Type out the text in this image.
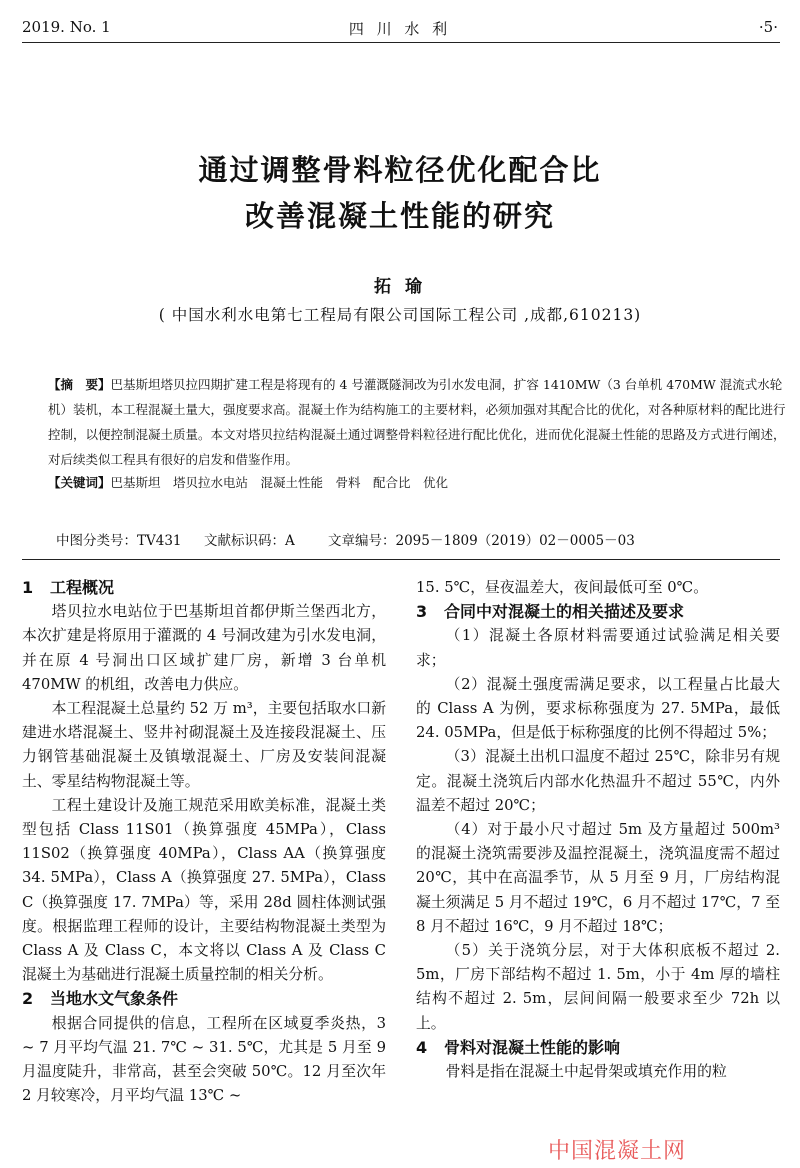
2019. No. 1	四 川 水 利	·5·
通过调整骨料粒径优化配合比
改善混凝土性能的研究
拓 瑜
( 中国水利水电第七工程局有限公司国际工程公司 ,成都,610213)
【摘　要】巴基斯坦塔贝拉四期扩建工程是将现有的 4 号灌溉隧洞改为引水发电洞，扩容 1410MW（3 台单机 470MW 混流式水轮机）装机，本工程混凝土量大，强度要求高。混凝土作为结构施工的主要材料，必须加强对其配合比的优化，对各种原材料的配比进行控制，以便控制混凝土质量。本文对塔贝拉结构混凝土通过调整骨料粒径进行配比优化，进而优化混凝土性能的思路及方式进行阐述，对后续类似工程具有很好的启发和借鉴作用。
【关键词】巴基斯坦　塔贝拉水电站　混凝土性能　骨料　配合比　优化
中图分类号：TV431 文献标识码：A 文章编号：2095－1809（2019）02－0005－03
1 工程概况

塔贝拉水电站位于巴基斯坦首都伊斯兰堡西北方，本次扩建是将原用于灌溉的 4 号洞改建为引水发电洞，并在原 4 号洞出口区域扩建厂房，新增 3 台单机 470MW 的机组，改善电力供应。

本工程混凝土总量约 52 万 m³，主要包括取水口新建进水塔混凝土、竖井衬砌混凝土及连接段混凝土、压力钢管基础混凝土及镇墩混凝土、厂房及安装间混凝土、零星结构物混凝土等。

工程土建设计及施工规范采用欧美标准，混凝土类型包括 Class 11S01（换算强度 45MPa），Class 11S02（换算强度 40MPa），Class AA（换算强度 34. 5MPa），Class A（换算强度 27. 5MPa），Class C（换算强度 17. 7MPa）等，采用 28d 圆柱体测试强度。根据监理工程师的设计，主要结构物混凝土类型为 Class A 及 Class C，本文将以 Class A 及 Class C 混凝土为基础进行混凝土质量控制的相关分析。

2 当地水文气象条件

根据合同提供的信息，工程所在区域夏季炎热，3 ~ 7 月平均气温 21. 7℃ ~ 31. 5℃，尤其是 5 月至 9 月温度陡升，非常高，甚至会突破 50℃。12 月至次年 2 月较寒冷，月平均气温 13℃ ~

15. 5℃，昼夜温差大，夜间最低可至 0℃。

3 合同中对混凝土的相关描述及要求

（1）混凝土各原材料需要通过试验满足相关要求；

（2）混凝土强度需满足要求，以工程量占比最大的 Class A 为例，要求标称强度为 27. 5MPa，最低 24. 05MPa，但是低于标称强度的比例不得超过 5%；

（3）混凝土出机口温度不超过 25℃，除非另有规定。混凝土浇筑后内部水化热温升不超过 55℃，内外温差不超过 20℃；

（4）对于最小尺寸超过 5m 及方量超过 500m³ 的混凝土浇筑需要涉及温控混凝土，浇筑温度需不超过 20℃，其中在高温季节，从 5 月至 9 月，厂房结构混凝土须满足 5 月不超过 19℃，6 月不超过 17℃，7 至 8 月不超过 16℃，9 月不超过 18℃；

（5）关于浇筑分层，对于大体积底板不超过 2. 5m，厂房下部结构不超过 1. 5m，小于 4m 厚的墙柱结构不超过 2. 5m，层间间隔一般要求至少 72h 以上。

4 骨料对混凝土性能的影响

骨料是指在混凝土中起骨架或填充作用的粒

中国混凝土网
